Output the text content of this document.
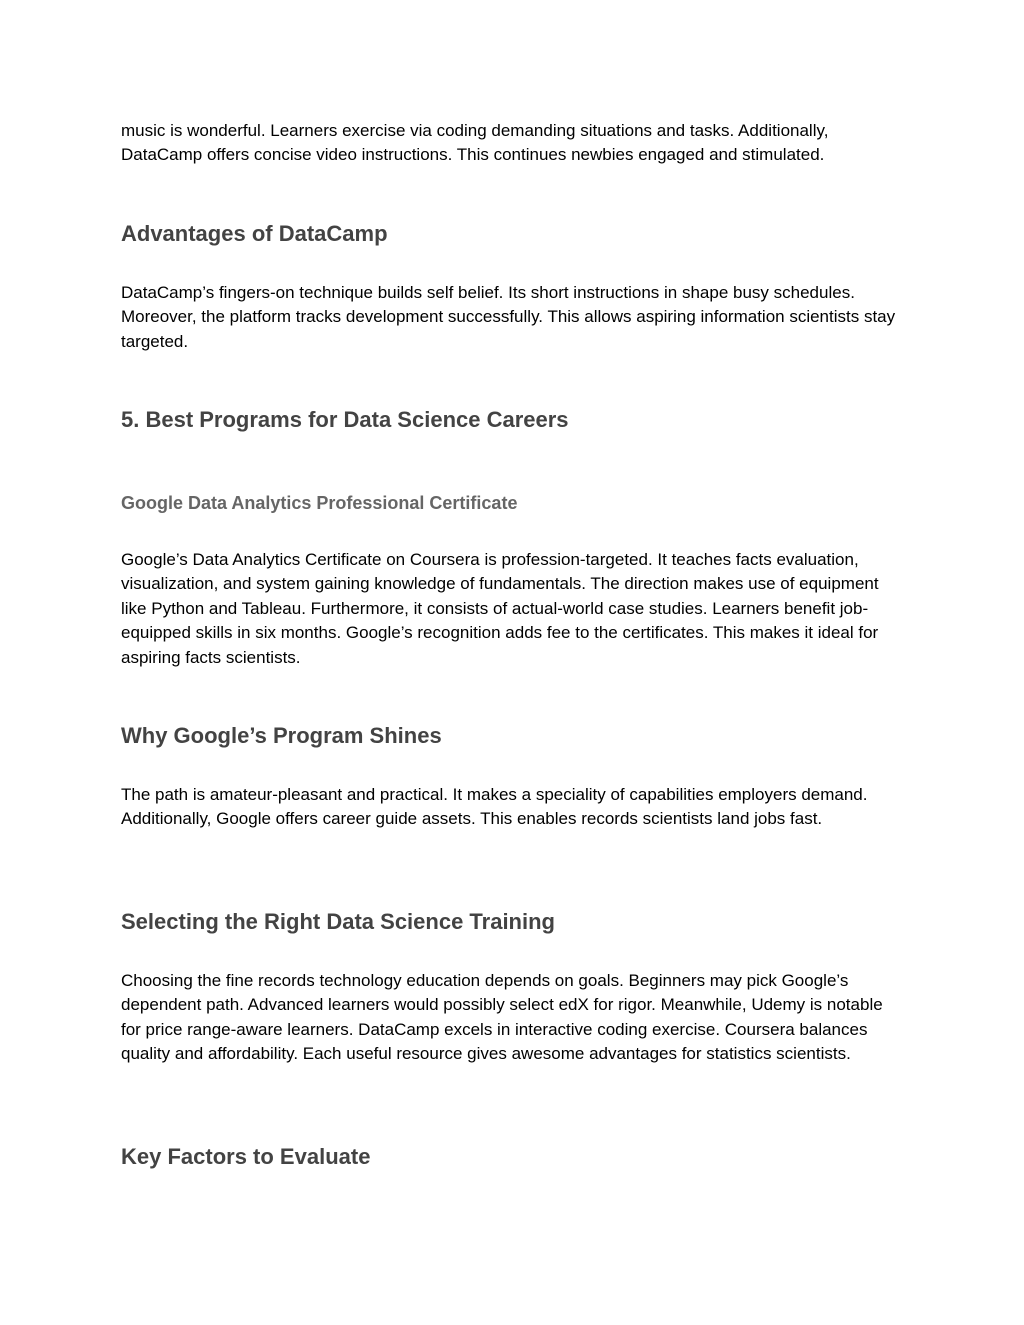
music is wonderful. Learners exercise via coding demanding situations and tasks. Additionally, DataCamp offers concise video instructions. This continues newbies engaged and stimulated.

Advantages of DataCamp

DataCamp’s fingers-on technique builds self belief. Its short instructions in shape busy schedules. Moreover, the platform tracks development successfully. This allows aspiring information scientists stay targeted.

5. Best Programs for Data Science Careers
Google Data Analytics Professional Certificate

Google’s Data Analytics Certificate on Coursera is profession-targeted. It teaches facts evaluation, visualization, and system gaining knowledge of fundamentals. The direction makes use of equipment like Python and Tableau. Furthermore, it consists of actual-world case studies. Learners benefit job-equipped skills in six months. Google’s recognition adds fee to the certificates. This makes it ideal for aspiring facts scientists.

Why Google’s Program Shines

The path is amateur-pleasant and practical. It makes a speciality of capabilities employers demand. Additionally, Google offers career guide assets. This enables records scientists land jobs fast.

Selecting the Right Data Science Training

Choosing the fine records technology education depends on goals. Beginners may pick Google’s dependent path. Advanced learners would possibly select edX for rigor. Meanwhile, Udemy is notable for price range-aware learners. DataCamp excels in interactive coding exercise. Coursera balances quality and affordability. Each useful resource gives awesome advantages for statistics scientists.

Key Factors to Evaluate
